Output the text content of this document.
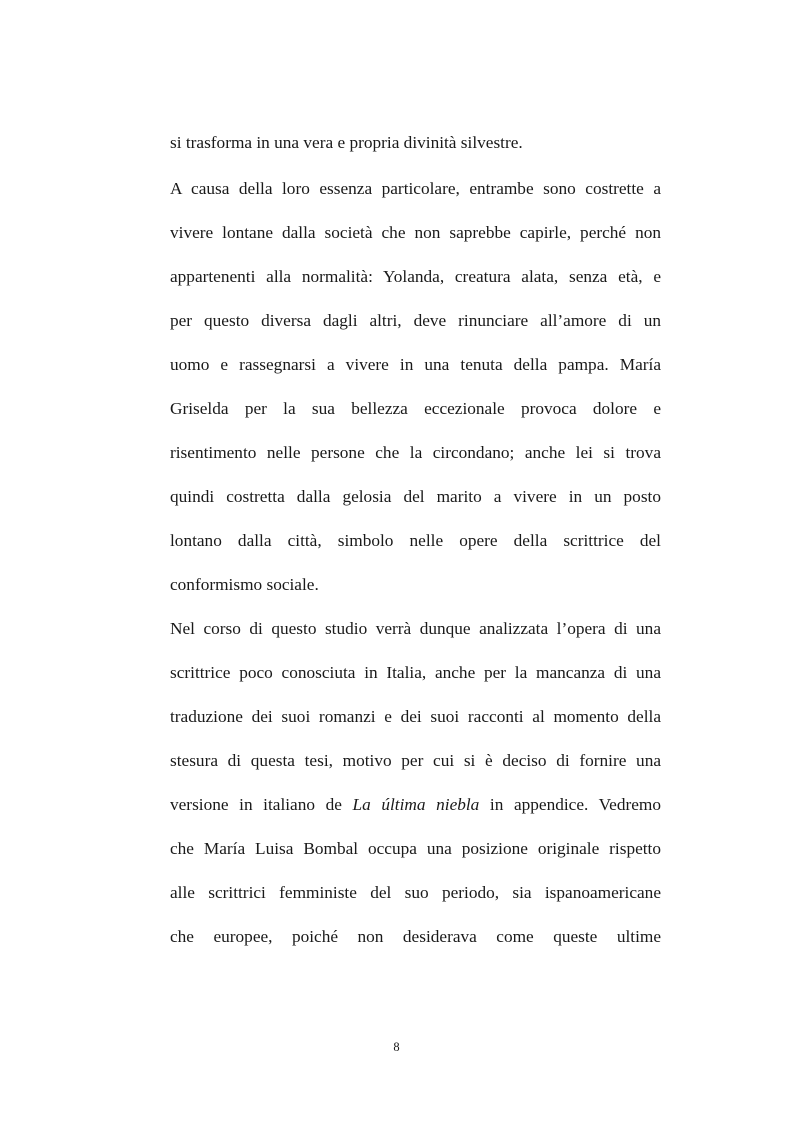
si trasforma in una vera e propria divinità silvestre.
A causa della loro essenza particolare, entrambe sono costrette a
vivere lontane dalla società che non saprebbe capirle, perché non
appartenenti alla normalità: Yolanda, creatura alata, senza età, e
per questo diversa dagli altri, deve rinunciare all’amore di un
uomo e rassegnarsi a vivere in una tenuta della pampa. María
Griselda per la sua bellezza eccezionale provoca dolore e
risentimento nelle persone che la circondano; anche lei si trova
quindi costretta dalla gelosia del marito a vivere in un posto
lontano dalla città, simbolo nelle opere della scrittrice del
conformismo sociale.
Nel corso di questo studio verrà dunque analizzata l’opera di una
scrittrice poco conosciuta in Italia, anche per la mancanza di una
traduzione dei suoi romanzi e dei suoi racconti al momento della
stesura di questa tesi, motivo per cui si è deciso di fornire una
versione in italiano de La última niebla in appendice. Vedremo
che María Luisa Bombal occupa una posizione originale rispetto
alle scrittrici femministe del suo periodo, sia ispanoamericane
che europee, poiché non desiderava come queste ultime
8
